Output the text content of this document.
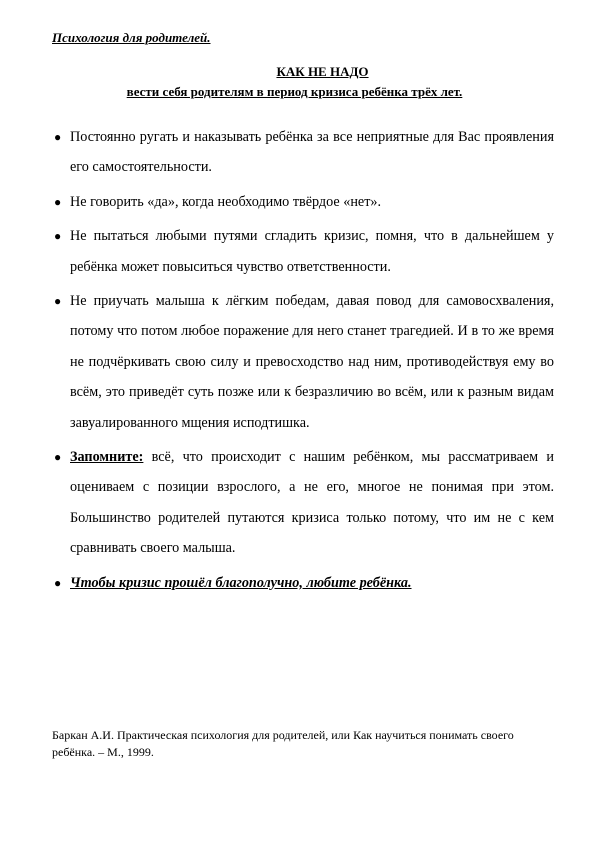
Психология для родителей.
КАК НЕ НАДО
вести себя родителям в период кризиса ребёнка трёх лет.
● Постоянно ругать и наказывать ребёнка за все неприятные для Вас проявления его самостоятельности.
● Не говорить «да», когда необходимо твёрдое «нет».
● Не пытаться любыми путями сгладить кризис, помня, что в дальнейшем у ребёнка может повыситься чувство ответственности.
● Не приучать малыша к лёгким победам, давая повод для самовосхваления, потому что потом любое поражение для него станет трагедией. И в то же время не подчёркивать свою силу и превосходство над ним, противодействуя ему во всём, это приведёт суть позже или к безразличию во всём, или к разным видам завуалированного мщения исподтишка.
● Запомните: всё, что происходит с нашим ребёнком, мы рассматриваем и оцениваем с позиции взрослого, а не его, многое не понимая при этом. Большинство родителей путаются кризиса только потому, что им не с кем сравнивать своего малыша.
● Чтобы кризис прошёл благополучно, любите ребёнка.
Баркан А.И. Практическая психология для родителей, или Как научиться понимать своего ребёнка. – М., 1999.
